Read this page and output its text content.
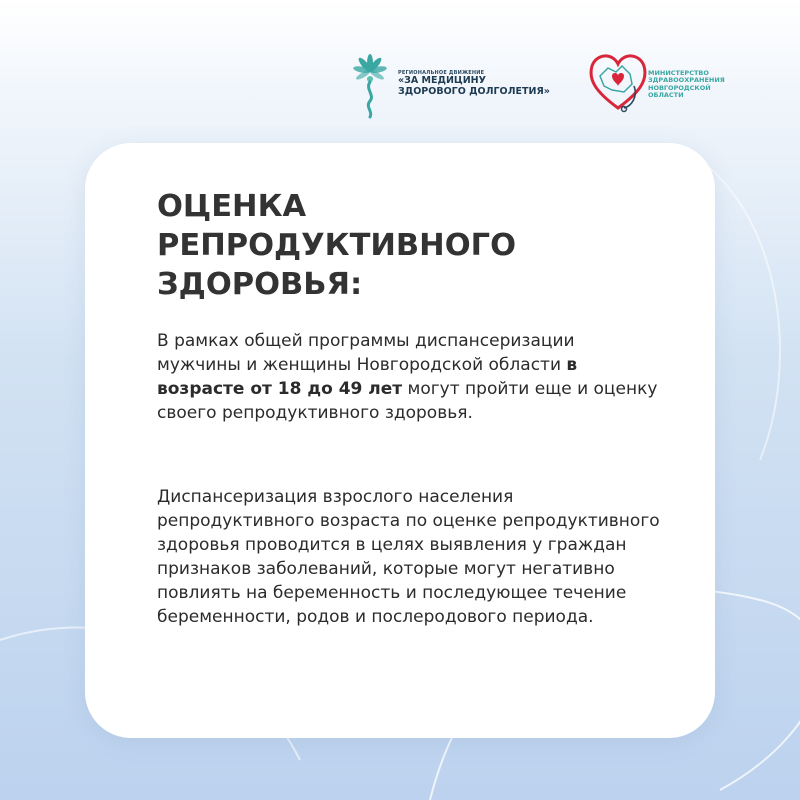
РЕГИОНАЛЬНОЕ ДВИЖЕНИЕ
«ЗА МЕДИЦИНУ
ЗДОРОВОГО ДОЛГОЛЕТИЯ»
МИНИСТЕРСТВО
ЗДРАВООХРАНЕНИЯ
НОВГОРОДСКОЙ
ОБЛАСТИ
ОЦЕНКА
РЕПРОДУКТИВНОГО
ЗДОРОВЬЯ:

В рамках общей программы диспансеризации мужчины и женщины Новгородской области в возрасте от 18 до 49 лет могут пройти еще и оценку своего репродуктивного здоровья.

Диспансеризация взрослого населения репродуктивного возраста по оценке репродуктивного здоровья проводится в целях выявления у граждан признаков заболеваний, которые могут негативно повлиять на беременность и последующее течение беременности, родов и послеродового периода.
